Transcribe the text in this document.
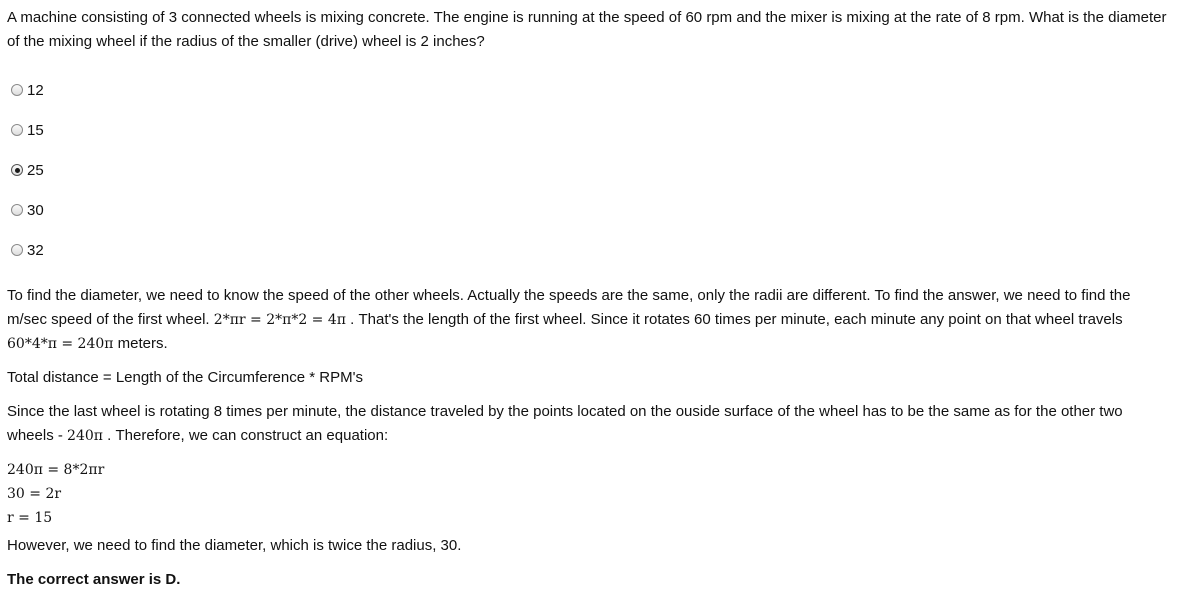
A machine consisting of 3 connected wheels is mixing concrete. The engine is running at the speed of 60 rpm and the mixer is mixing at the rate of 8 rpm. What is the diameter of the mixing wheel if the radius of the smaller (drive) wheel is 2 inches?
12
15
25
30
32

To find the diameter, we need to know the speed of the other wheels. Actually the speeds are the same, only the radii are different. To find the answer, we need to find the m/sec speed of the first wheel. 2*πr = 2*π*2 = 4π . That's the length of the first wheel. Since it rotates 60 times per minute, each minute any point on that wheel travels 60*4*π = 240π meters.

Total distance = Length of the Circumference * RPM's

Since the last wheel is rotating 8 times per minute, the distance traveled by the points located on the ouside surface of the wheel has to be the same as for the other two wheels - 240π . Therefore, we can construct an equation:

240π = 8*2πr
30 = 2r
r = 15

However, we need to find the diameter, which is twice the radius, 30.

The correct answer is D.
